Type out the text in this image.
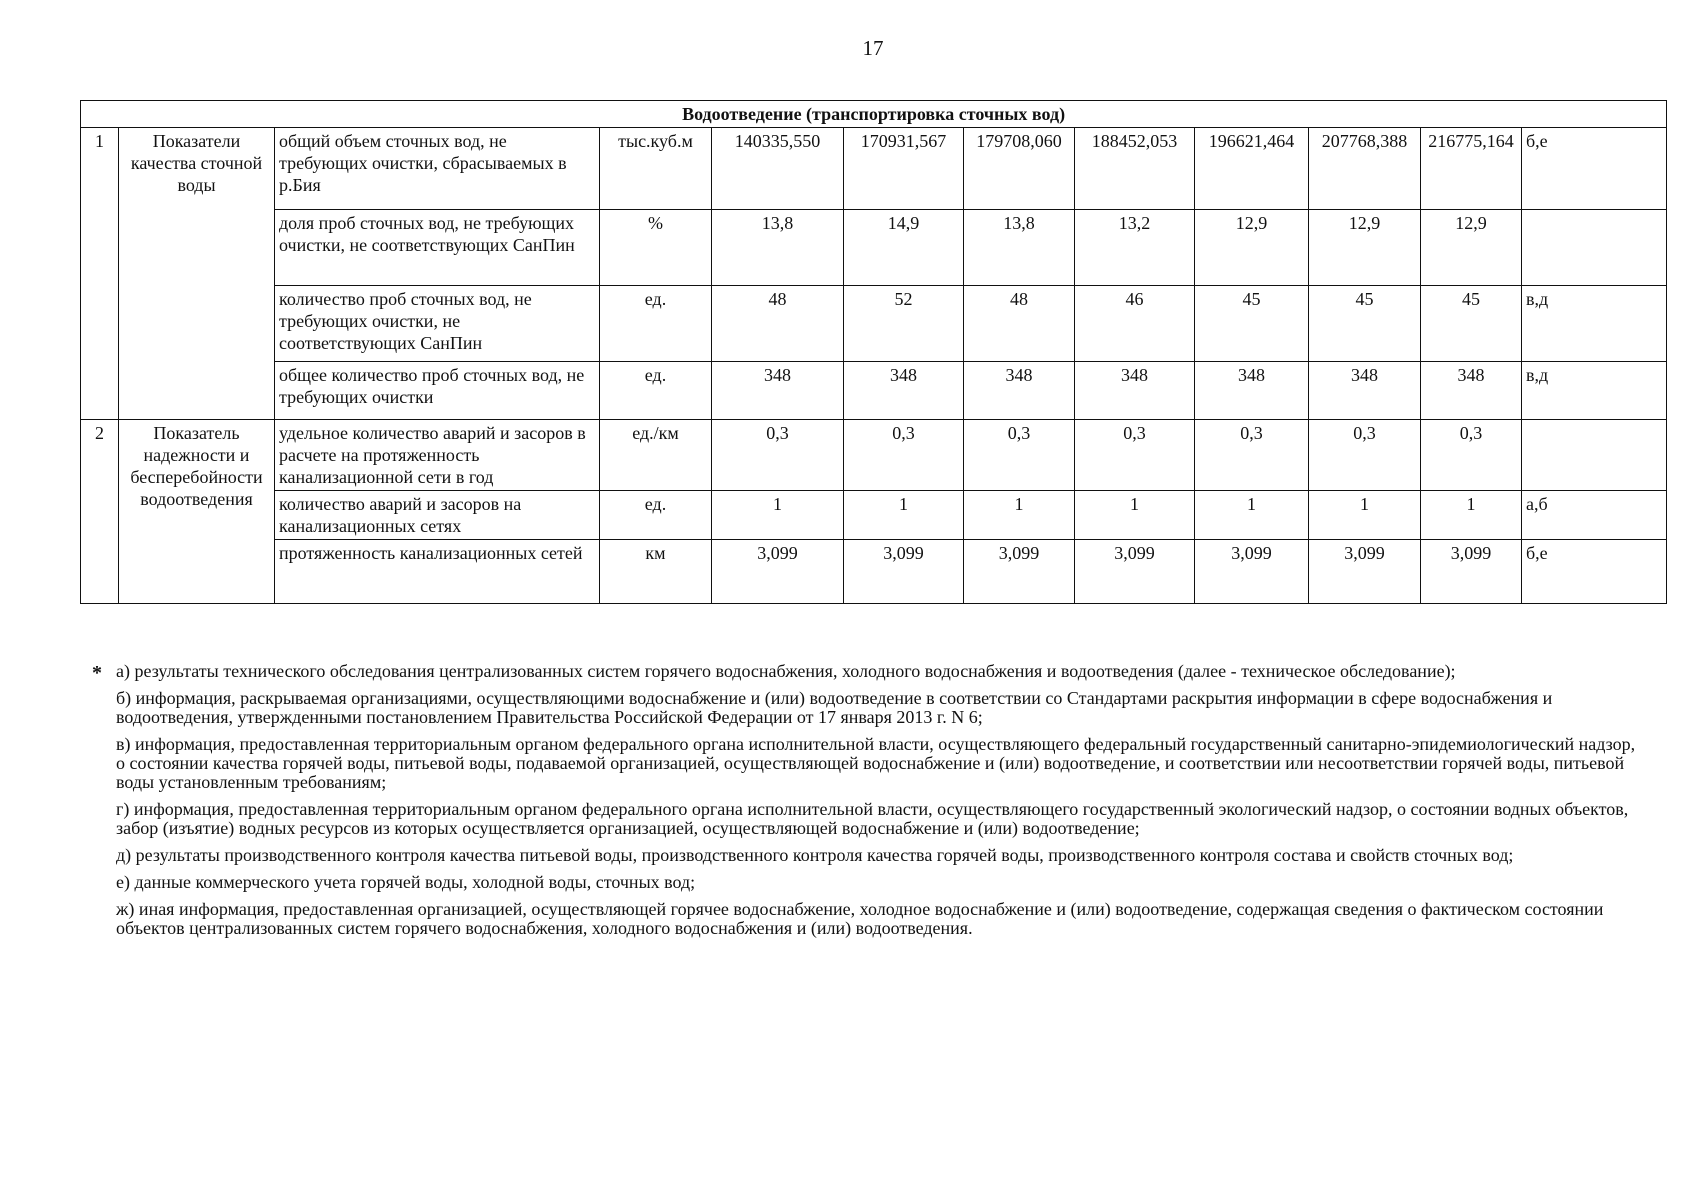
17
Водоотведение (транспортировка сточных вод)											
1	Показатели качества сточной воды	общий объем сточных вод, не требующих очистки, сбрасываемых в р.Бия	тыс.куб.м	140335,550	170931,567	179708,060	188452,053	196621,464	207768,388	216775,164	б,е
		доля проб сточных вод, не требующих очистки, не соответствующих СанПин	%	13,8	14,9	13,8	13,2	12,9	12,9	12,9	
		количество проб сточных вод, не требующих очистки, не соответствующих СанПин	ед.	48	52	48	46	45	45	45	в,д
		общее количество проб сточных вод, не требующих очистки	ед.	348	348	348	348	348	348	348	в,д
2	Показатель надежности и бесперебойности водоотведения	удельное количество аварий и засоров в расчете на протяженность канализационной сети в год	ед./км	0,3	0,3	0,3	0,3	0,3	0,3	0,3	
		количество аварий и засоров на канализационных сетях	ед.	1	1	1	1	1	1	1	а,б
		протяженность канализационных сетей	км	3,099	3,099	3,099	3,099	3,099	3,099	3,099	б,е
* а) результаты технического обследования централизованных систем горячего водоснабжения, холодного водоснабжения и водоотведения (далее - техническое обследование);
б) информация, раскрываемая организациями, осуществляющими водоснабжение и (или) водоотведение в соответствии со Стандартами раскрытия информации в сфере водоснабжения и водоотведения, утвержденными постановлением Правительства Российской Федерации от 17 января 2013 г. N 6;
в) информация, предоставленная территориальным органом федерального органа исполнительной власти, осуществляющего федеральный государственный санитарно-эпидемиологический надзор, о состоянии качества горячей воды, питьевой воды, подаваемой организацией, осуществляющей водоснабжение и (или) водоотведение, и соответствии или несоответствии горячей воды, питьевой воды установленным требованиям;
г) информация, предоставленная территориальным органом федерального органа исполнительной власти, осуществляющего государственный экологический надзор, о состоянии водных объектов, забор (изъятие) водных ресурсов из которых осуществляется организацией, осуществляющей водоснабжение и (или) водоотведение;
д) результаты производственного контроля качества питьевой воды, производственного контроля качества горячей воды, производственного контроля состава и свойств сточных вод;
е) данные коммерческого учета горячей воды, холодной воды, сточных вод;
ж) иная информация, предоставленная организацией, осуществляющей горячее водоснабжение, холодное водоснабжение и (или) водоотведение, содержащая сведения о фактическом состоянии объектов централизованных систем горячего водоснабжения, холодного водоснабжения и (или) водоотведения.
